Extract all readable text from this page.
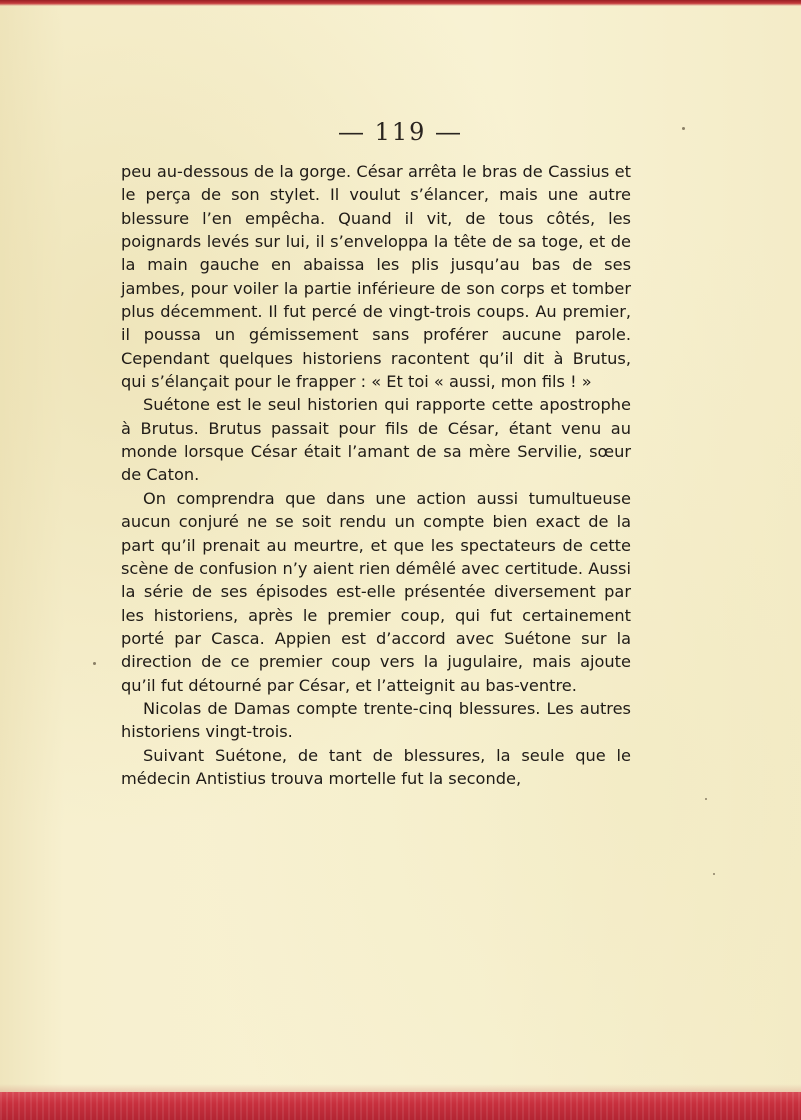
— 119 —

peu au-dessous de la gorge. César arrêta le bras de Cassius et le perça de son stylet. Il voulut s’élancer, mais une autre blessure l’en empêcha. Quand il vit, de tous côtés, les poignards levés sur lui, il s’enveloppa la tête de sa toge, et de la main gauche en abaissa les plis jusqu’au bas de ses jambes, pour voiler la partie inférieure de son corps et tomber plus décemment. Il fut percé de vingt-trois coups. Au premier, il poussa un gémissement sans proférer aucune parole. Cependant quelques historiens racontent qu’il dit à Brutus, qui s’élançait pour le frapper : « Et toi « aussi, mon fils ! »

Suétone est le seul historien qui rapporte cette apostrophe à Brutus. Brutus passait pour fils de César, étant venu au monde lorsque César était l’amant de sa mère Servilie, sœur de Caton.

On comprendra que dans une action aussi tumultueuse aucun conjuré ne se soit rendu un compte bien exact de la part qu’il prenait au meurtre, et que les spectateurs de cette scène de confusion n’y aient rien démêlé avec certitude. Aussi la série de ses épisodes est-elle présentée diversement par les historiens, après le premier coup, qui fut certainement porté par Casca. Appien est d’accord avec Suétone sur la direction de ce premier coup vers la jugulaire, mais ajoute qu’il fut détourné par César, et l’atteignit au bas-ventre.

Nicolas de Damas compte trente-cinq blessures. Les autres historiens vingt-trois.

Suivant Suétone, de tant de blessures, la seule que le médecin Antistius trouva mortelle fut la seconde,
